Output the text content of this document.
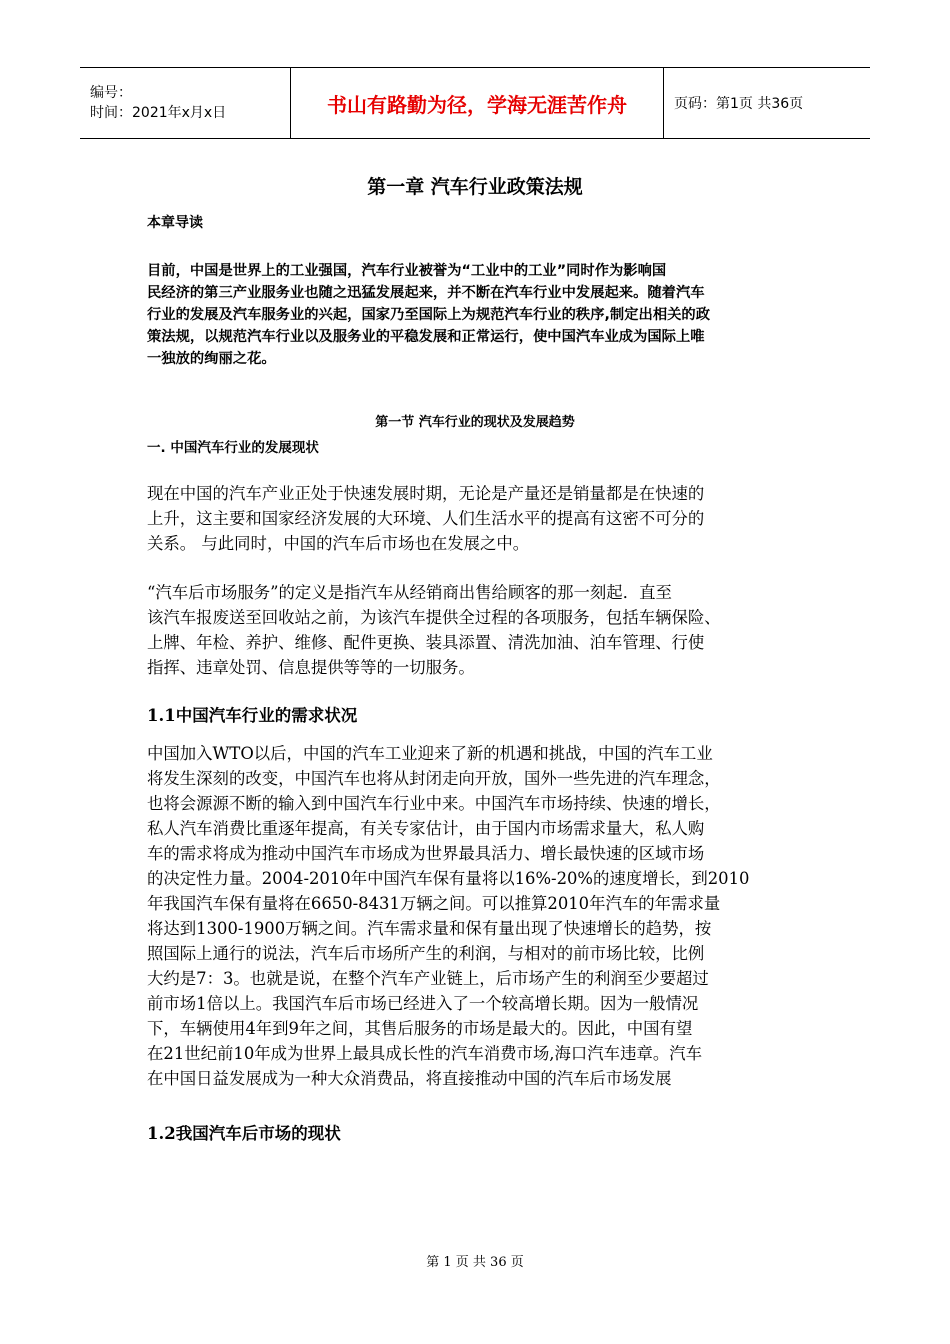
编号：
时间：2021年x月x日	书山有路勤为径，学海无涯苦作舟	页码：第1页 共36页
第一章 汽车行业政策法规
本章导读
目前，中国是世界上的工业强国，汽车行业被誉为“工业中的工业”同时作为影响国
民经济的第三产业服务业也随之迅猛发展起来，并不断在汽车行业中发展起来。随着汽车
行业的发展及汽车服务业的兴起，国家乃至国际上为规范汽车行业的秩序,制定出相关的政
策法规，以规范汽车行业以及服务业的平稳发展和正常运行，使中国汽车业成为国际上唯
一独放的绚丽之花。
第一节 汽车行业的现状及发展趋势
一. 中国汽车行业的发展现状
现在中国的汽车产业正处于快速发展时期，无论是产量还是销量都是在快速的
上升，这主要和国家经济发展的大环境、人们生活水平的提高有这密不可分的
关系。 与此同时，中国的汽车后市场也在发展之中。
“汽车后市场服务”的定义是指汽车从经销商出售给顾客的那一刻起．直至
该汽车报废送至回收站之前，为该汽车提供全过程的各项服务，包括车辆保险、
上牌、年检、养护、维修、配件更换、装具添置、清洗加油、泊车管理、行使
指挥、违章处罚、信息提供等等的一切服务。
1.1中国汽车行业的需求状况
中国加入WTO以后，中国的汽车工业迎来了新的机遇和挑战，中国的汽车工业
将发生深刻的改变，中国汽车也将从封闭走向开放，国外一些先进的汽车理念，
也将会源源不断的输入到中国汽车行业中来。中国汽车市场持续、快速的增长，
私人汽车消费比重逐年提高，有关专家估计，由于国内市场需求量大，私人购
车的需求将成为推动中国汽车市场成为世界最具活力、增长最快速的区域市场
的决定性力量。2004-2010年中国汽车保有量将以16%-20%的速度增长，到2010
年我国汽车保有量将在6650-8431万辆之间。可以推算2010年汽车的年需求量
将达到1300-1900万辆之间。汽车需求量和保有量出现了快速增长的趋势，按
照国际上通行的说法，汽车后市场所产生的利润，与相对的前市场比较，比例
大约是7：3。也就是说，在整个汽车产业链上，后市场产生的利润至少要超过
前市场1倍以上。我国汽车后市场已经进入了一个较高增长期。因为一般情况
下，车辆使用4年到9年之间，其售后服务的市场是最大的。因此，中国有望
在21世纪前10年成为世界上最具成长性的汽车消费市场,海口汽车违章。汽车
在中国日益发展成为一种大众消费品，将直接推动中国的汽车后市场发展
1.2我国汽车后市场的现状
第 1 页 共 36 页
